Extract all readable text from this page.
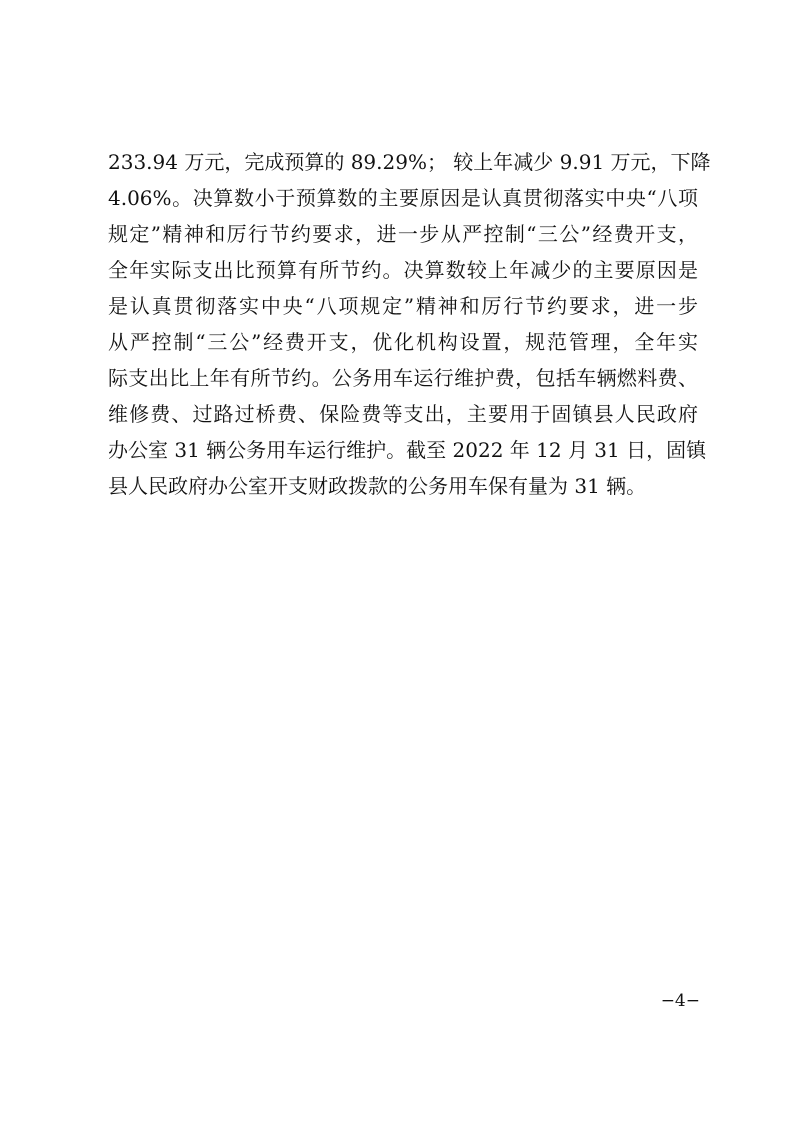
233.94 万元，完成预算的 89.29%； 较上年减少 9.91 万元，下降
4.06%。决算数小于预算数的主要原因是认真贯彻落实中央“八项
规定”精神和厉行节约要求，进一步从严控制“三公”经费开支，
全年实际支出比预算有所节约。决算数较上年减少的主要原因是
是认真贯彻落实中央“八项规定”精神和厉行节约要求，进一步
从严控制“三公”经费开支，优化机构设置，规范管理，全年实
际支出比上年有所节约。公务用车运行维护费，包括车辆燃料费、
维修费、过路过桥费、保险费等支出，主要用于固镇县人民政府
办公室 31 辆公务用车运行维护。截至 2022 年 12 月 31 日，固镇
县人民政府办公室开支财政拨款的公务用车保有量为 31 辆。
−4−
